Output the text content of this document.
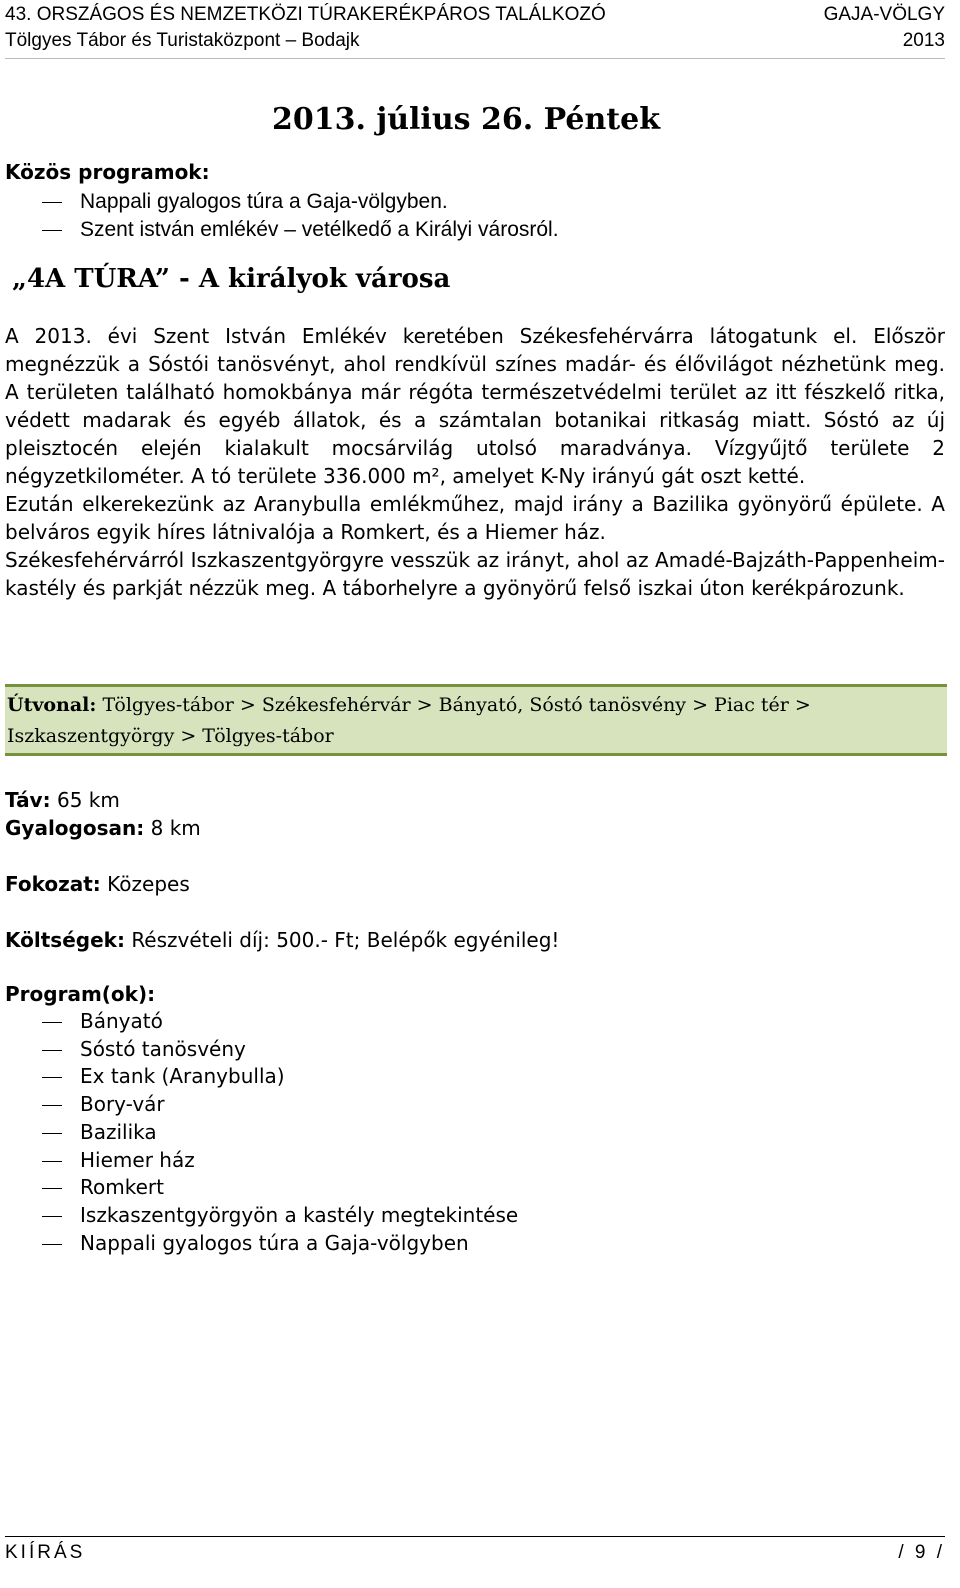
43. ORSZÁGOS ÉS NEMZETKÖZI TÚRAKERÉKPÁROS TALÁLKOZÓ	GAJA-VÖLGY
Tölgyes Tábor és Turistaközpont – Bodajk	2013
2013. július 26. Péntek
Közös programok:
Nappali gyalogos túra a Gaja-völgyben.
Szent istván emlékév – vetélkedő a Királyi városról.
„4A TÚRA” - A királyok városa

A 2013. évi Szent István Emlékév keretében Székesfehérvárra látogatunk el. Először megnézzük a Sóstói tanösvényt, ahol rendkívül színes madár- és élővilágot nézhetünk meg. A területen található homokbánya már régóta természetvédelmi terület az itt fészkelő ritka, védett madarak és egyéb állatok, és a számtalan botanikai ritkaság miatt. Sóstó az új pleisztocén elején kialakult mocsárvilág utolsó maradványa. Vízgyűjtő területe 2 négyzetkilométer. A tó területe 336.000 m², amelyet K-Ny irányú gát oszt ketté.

Ezután elkerekezünk az Aranybulla emlékműhez, majd irány a Bazilika gyönyörű épülete. A belváros egyik híres látnivalója a Romkert, és a Hiemer ház.

Székesfehérvárról Iszkaszentgyörgyre vesszük az irányt, ahol az Amadé-Bajzáth-Pappenheim-kastély és parkját nézzük meg. A táborhelyre a gyönyörű felső iszkai úton kerékpározunk.

Útvonal: Tölgyes-tábor > Székesfehérvár > Bányató, Sóstó tanösvény > Piac tér >
Iszkaszentgyörgy > Tölgyes-tábor
Táv: 65 km
Gyalogosan: 8 km
Fokozat: Közepes
Költségek: Részvételi díj: 500.- Ft; Belépők egyénileg!
Program(ok):
Bányató
Sóstó tanösvény
Ex tank (Aranybulla)
Bory-vár
Bazilika
Hiemer ház
Romkert
Iszkaszentgyörgyön a kastély megtekintése
Nappali gyalogos túra a Gaja-völgyben
KIÍRÁS	/ 9 /
